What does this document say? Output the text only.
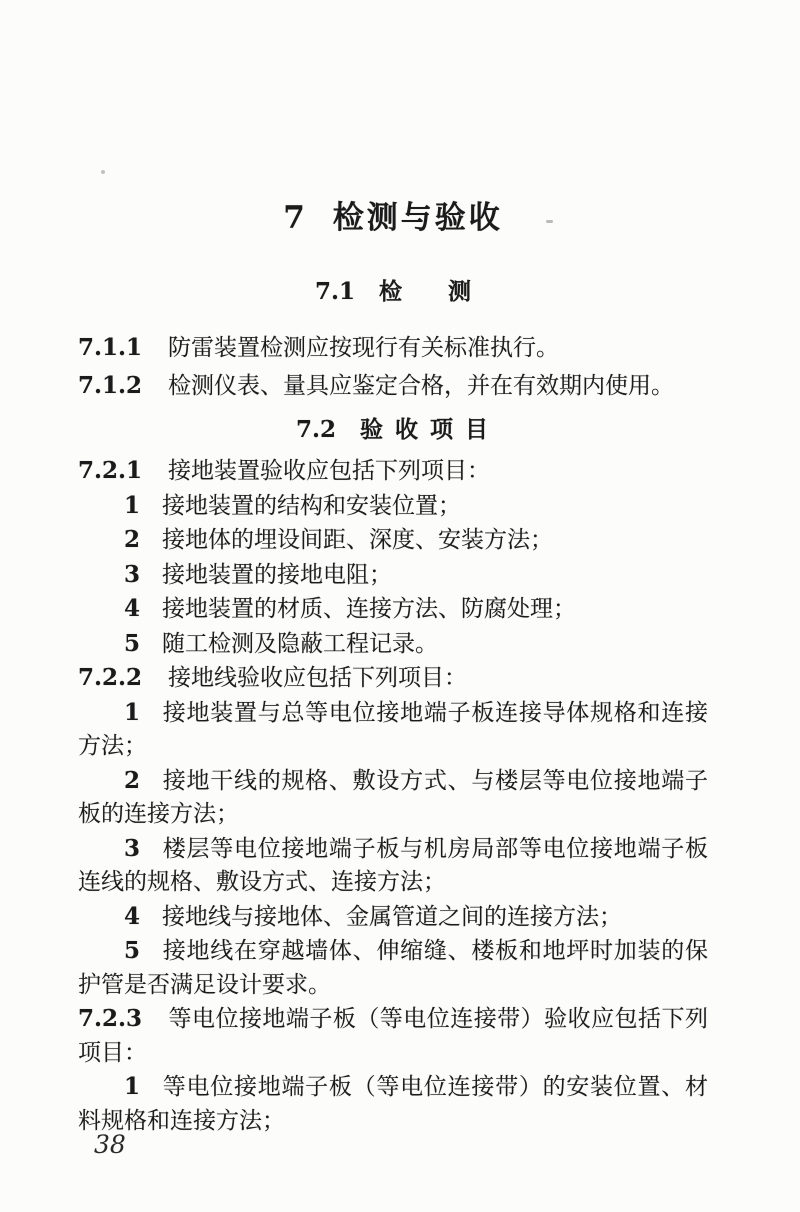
7 检测与验收
7.1 检　　测

7.1.1 防雷装置检测应按现行有关标准执行。

7.1.2 检测仪表、量具应鉴定合格，并在有效期内使用。

7.2 验 收 项 目

7.2.1 接地装置验收应包括下列项目：

1 接地装置的结构和安装位置；

2 接地体的埋设间距、深度、安装方法；

3 接地装置的接地电阻；

4 接地装置的材质、连接方法、防腐处理；

5 随工检测及隐蔽工程记录。

7.2.2 接地线验收应包括下列项目：

1 接地装置与总等电位接地端子板连接导体规格和连接方法；

2 接地干线的规格、敷设方式、与楼层等电位接地端子板的连接方法；

3 楼层等电位接地端子板与机房局部等电位接地端子板连线的规格、敷设方式、连接方法；

4 接地线与接地体、金属管道之间的连接方法；

5 接地线在穿越墙体、伸缩缝、楼板和地坪时加装的保护管是否满足设计要求。

7.2.3 等电位接地端子板（等电位连接带）验收应包括下列项目：

1 等电位接地端子板（等电位连接带）的安装位置、材料规格和连接方法；

38
